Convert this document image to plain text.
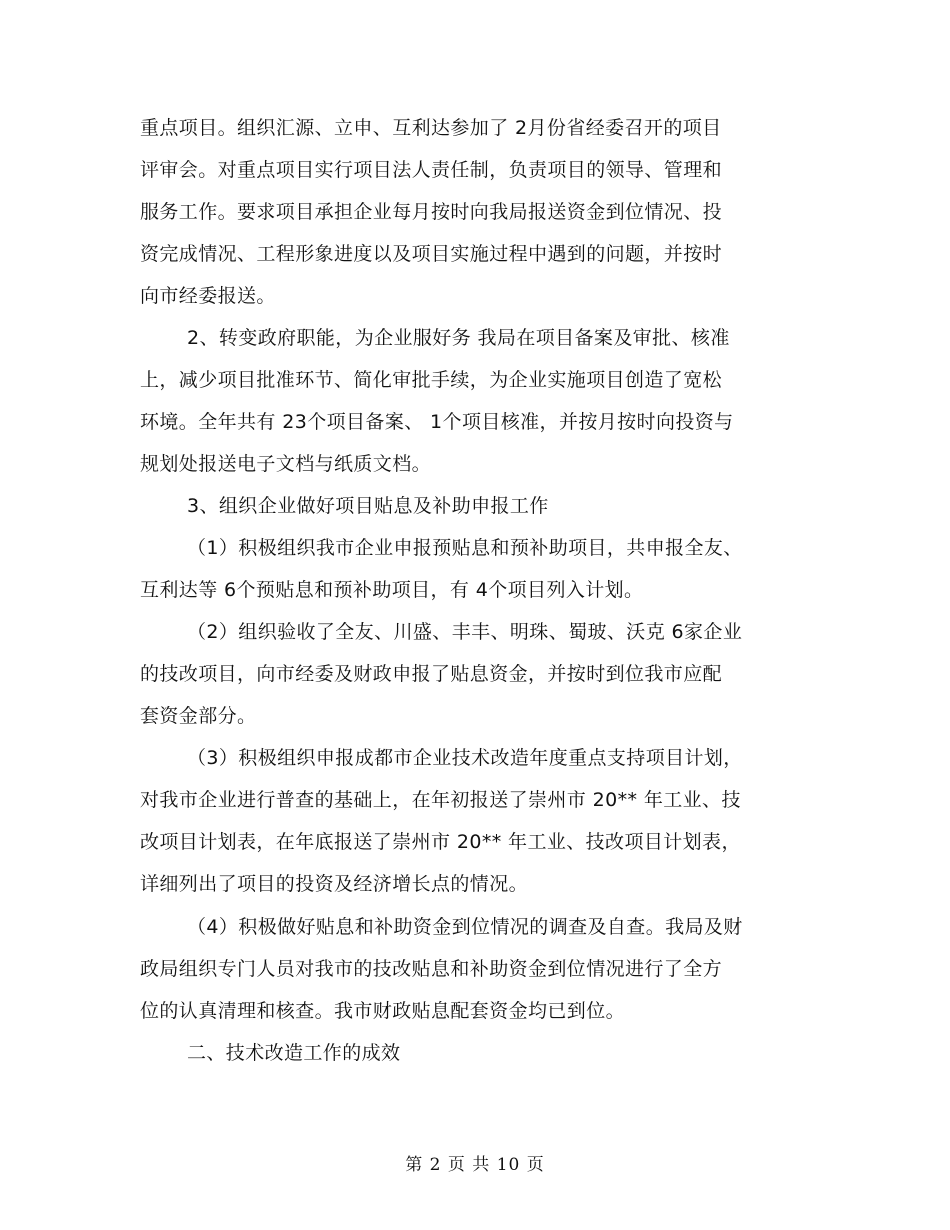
重点项目。组织汇源、立申、互利达参加了 2月份省经委召开的项目
评审会。对重点项目实行项目法人责任制，负责项目的领导、管理和
服务工作。要求项目承担企业每月按时向我局报送资金到位情况、投
资完成情况、工程形象进度以及项目实施过程中遇到的问题，并按时
向市经委报送。
2、转变政府职能，为企业服好务 我局在项目备案及审批、核准
上，减少项目批准环节、简化审批手续，为企业实施项目创造了宽松
环境。全年共有 23个项目备案、 1个项目核准，并按月按时向投资与
规划处报送电子文档与纸质文档。
3、组织企业做好项目贴息及补助申报工作
（1）积极组织我市企业申报预贴息和预补助项目，共申报全友、
互利达等 6个预贴息和预补助项目，有 4个项目列入计划。
（2）组织验收了全友、川盛、丰丰、明珠、蜀玻、沃克 6家企业
的技改项目，向市经委及财政申报了贴息资金，并按时到位我市应配
套资金部分。
（3）积极组织申报成都市企业技术改造年度重点支持项目计划，
对我市企业进行普查的基础上，在年初报送了崇州市 20** 年工业、技
改项目计划表，在年底报送了崇州市 20** 年工业、技改项目计划表，
详细列出了项目的投资及经济增长点的情况。
（4）积极做好贴息和补助资金到位情况的调查及自查。我局及财
政局组织专门人员对我市的技改贴息和补助资金到位情况进行了全方
位的认真清理和核查。我市财政贴息配套资金均已到位。
二、技术改造工作的成效
第 2 页 共 10 页
